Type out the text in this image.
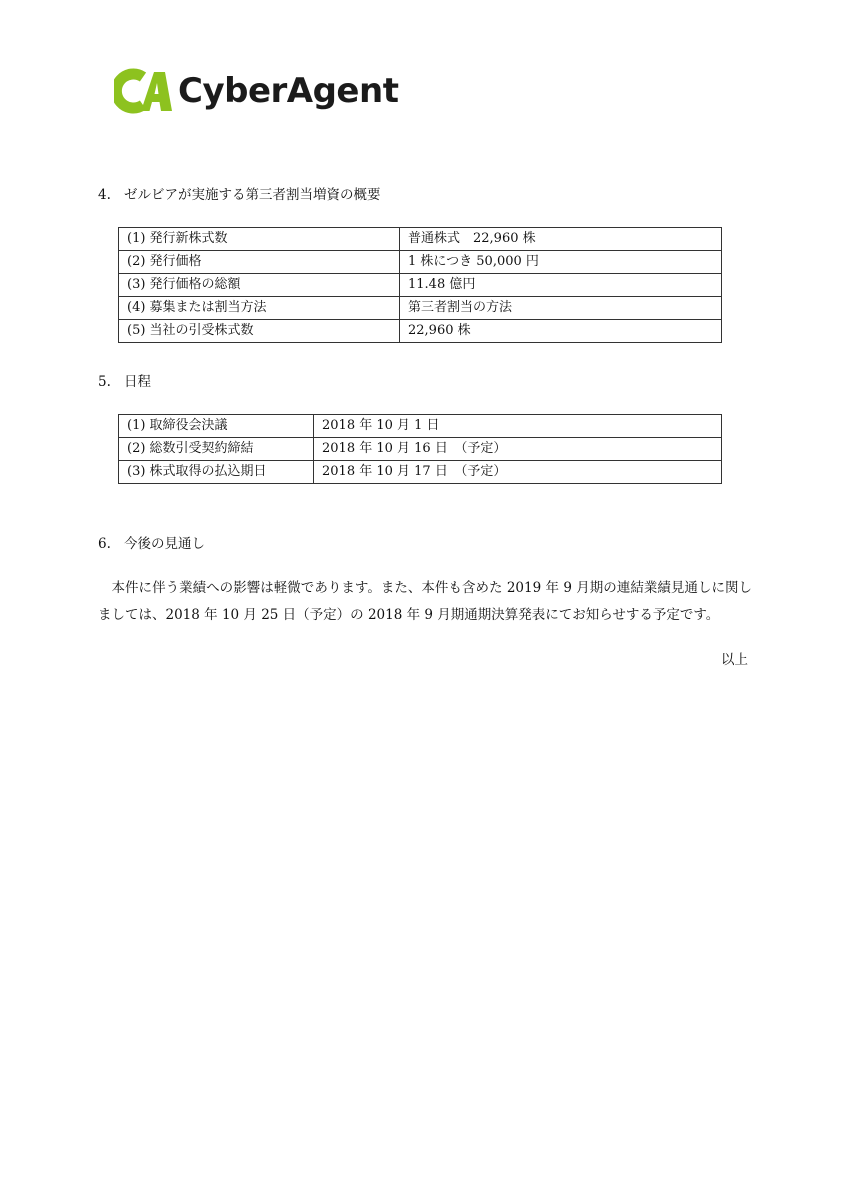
CyberAgent
4. ゼルビアが実施する第三者割当増資の概要
(1) 発行新株式数	普通株式　22,960 株
(2) 発行価格	1 株につき 50,000 円
(3) 発行価格の総額	11.48 億円
(4) 募集または割当方法	第三者割当の方法
(5) 当社の引受株式数	22,960 株
5. 日程
(1) 取締役会決議	2018 年 10 月 1 日
(2) 総数引受契約締結	2018 年 10 月 16 日　（予定）
(3) 株式取得の払込期日	2018 年 10 月 17 日　（予定）
6. 今後の見通し
本件に伴う業績への影響は軽微であります。また、本件も含めた 2019 年 9 月期の連結業績見通しに関しましては、2018 年 10 月 25 日（予定）の 2018 年 9 月期通期決算発表にてお知らせする予定です。
以上
